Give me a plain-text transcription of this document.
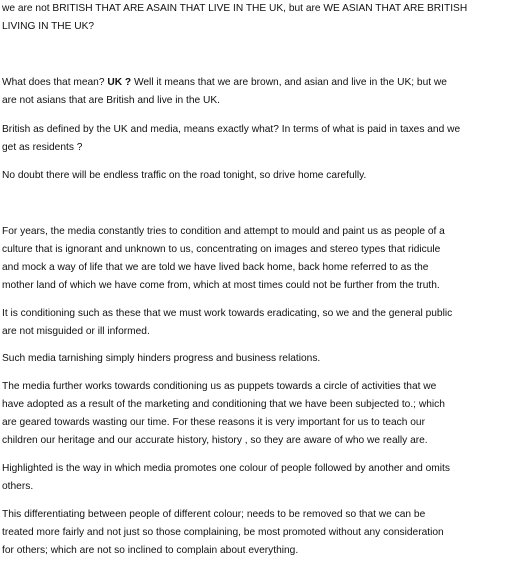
we are not BRITISH THAT ARE ASAIN THAT LIVE IN THE UK, but are WE ASIAN THAT ARE BRITISH
LIVING IN THE UK?

What does that mean? UK ? Well it means that we are brown, and asian and live in the UK; but we
are not asians that are British and live in the UK.

British as defined by the UK and media, means exactly what? In terms of what is paid in taxes and we
get as residents ?

No doubt there will be endless traffic on the road tonight, so drive home carefully.

For years, the media constantly tries to condition and attempt to mould and paint us as people of a
culture that is ignorant and unknown to us, concentrating on images and stereo types that ridicule
and mock a way of life that we are told we have lived back home, back home referred to as the
mother land of which we have come from, which at most times could not be further from the truth.

It is conditioning such as these that we must work towards eradicating, so we and the general public
are not misguided or ill informed.

Such media tarnishing simply hinders progress and business relations.

The media further works towards conditioning us as puppets towards a circle of activities that we
have adopted as a result of the marketing and conditioning that we have been subjected to.; which
are geared towards wasting our time. For these reasons it is very important for us to teach our
children our heritage and our accurate history, history , so they are aware of who we really are.

Highlighted is the way in which media promotes one colour of people followed by another and omits
others.

This differentiating between people of different colour; needs to be removed so that we can be
treated more fairly and not just so those complaining, be most promoted without any consideration
for others; which are not so inclined to complain about everything.
